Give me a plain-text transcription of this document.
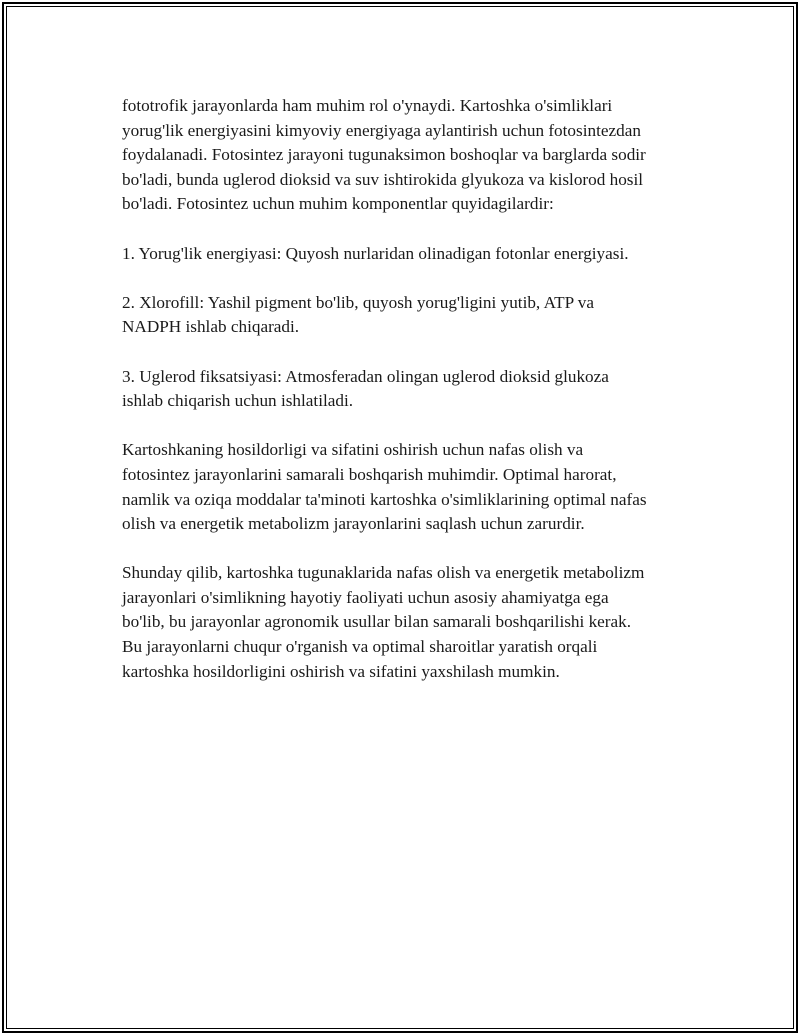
fototrofik jarayonlarda ham muhim rol o'ynaydi. Kartoshka o'simliklari
yorug'lik energiyasini kimyoviy energiyaga aylantirish uchun fotosintezdan
foydalanadi. Fotosintez jarayoni tugunaksimon boshoqlar va barglarda sodir
bo'ladi, bunda uglerod dioksid va suv ishtirokida glyukoza va kislorod hosil
bo'ladi. Fotosintez uchun muhim komponentlar quyidagilardir:

1. Yorug'lik energiyasi: Quyosh nurlaridan olinadigan fotonlar energiyasi.

2. Xlorofill: Yashil pigment bo'lib, quyosh yorug'ligini yutib, ATP va
NADPH ishlab chiqaradi.

3. Uglerod fiksatsiyasi: Atmosferadan olingan uglerod dioksid glukoza
ishlab chiqarish uchun ishlatiladi.

Kartoshkaning hosildorligi va sifatini oshirish uchun nafas olish va
fotosintez jarayonlarini samarali boshqarish muhimdir. Optimal harorat,
namlik va oziqa moddalar ta'minoti kartoshka o'simliklarining optimal nafas
olish va energetik metabolizm jarayonlarini saqlash uchun zarurdir.

Shunday qilib, kartoshka tugunaklarida nafas olish va energetik metabolizm
jarayonlari o'simlikning hayotiy faoliyati uchun asosiy ahamiyatga ega
bo'lib, bu jarayonlar agronomik usullar bilan samarali boshqarilishi kerak.
Bu jarayonlarni chuqur o'rganish va optimal sharoitlar yaratish orqali
kartoshka hosildorligini oshirish va sifatini yaxshilash mumkin.
